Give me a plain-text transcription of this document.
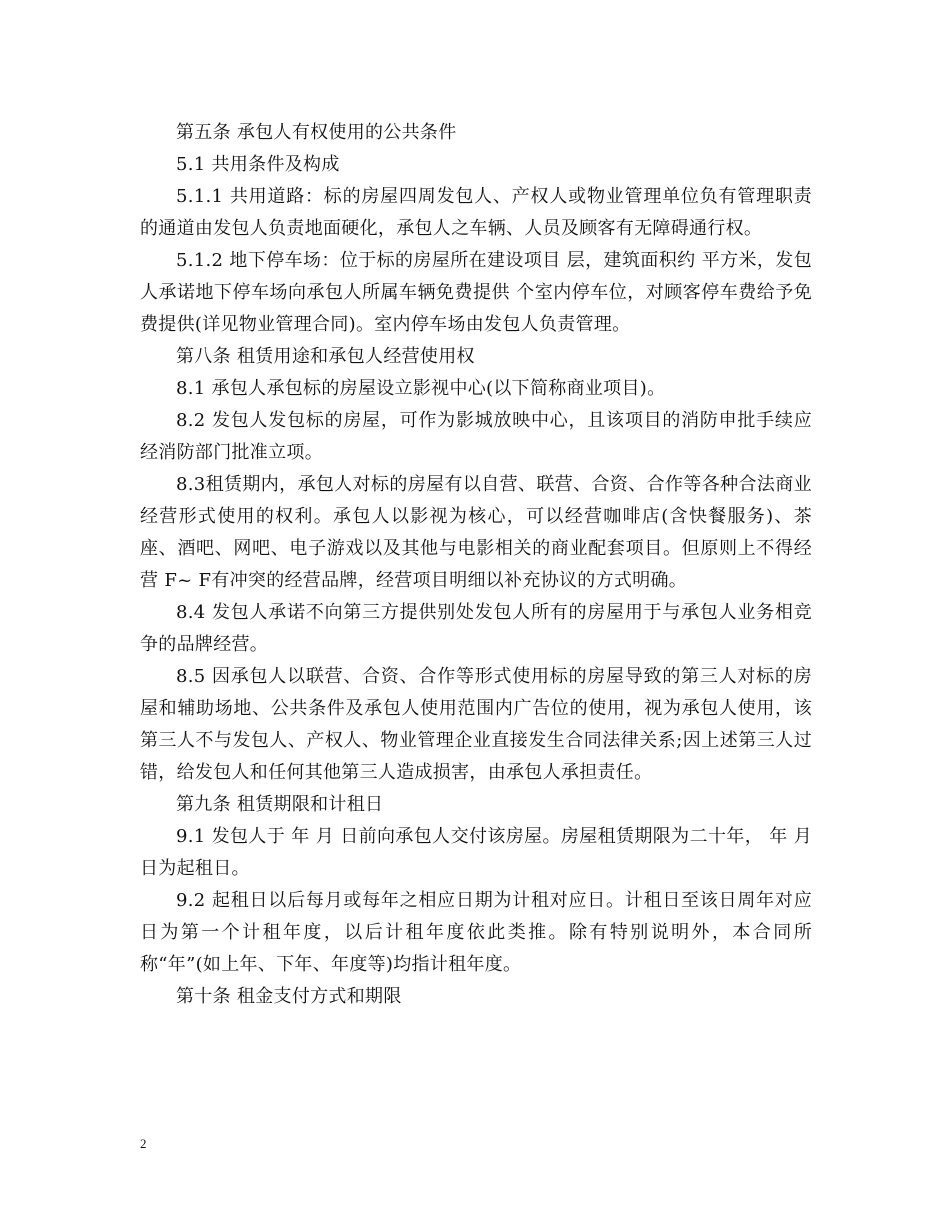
第五条 承包人有权使用的公共条件

5.1 共用条件及构成

5.1.1 共用道路：标的房屋四周发包人、产权人或物业管理单位负有管理职责的通道由发包人负责地面硬化，承包人之车辆、人员及顾客有无障碍通行权。

5.1.2 地下停车场：位于标的房屋所在建设项目 层，建筑面积约 平方米，发包人承诺地下停车场向承包人所属车辆免费提供 个室内停车位，对顾客停车费给予免费提供(详见物业管理合同)。室内停车场由发包人负责管理。

第八条 租赁用途和承包人经营使用权

8.1 承包人承包标的房屋设立影视中心(以下简称商业项目)。

8.2 发包人发包标的房屋，可作为影城放映中心，且该项目的消防申批手续应经消防部门批准立项。

8.3租赁期内，承包人对标的房屋有以自营、联营、合资、合作等各种合法商业经营形式使用的权利。承包人以影视为核心，可以经营咖啡店(含快餐服务)、茶座、酒吧、网吧、电子游戏以及其他与电影相关的商业配套项目。但原则上不得经营 F~ F有冲突的经营品牌，经营项目明细以补充协议的方式明确。

8.4 发包人承诺不向第三方提供别处发包人所有的房屋用于与承包人业务相竞争的品牌经营。

8.5 因承包人以联营、合资、合作等形式使用标的房屋导致的第三人对标的房屋和辅助场地、公共条件及承包人使用范围内广告位的使用，视为承包人使用，该第三人不与发包人、产权人、物业管理企业直接发生合同法律关系;因上述第三人过错，给发包人和任何其他第三人造成损害，由承包人承担责任。

第九条 租赁期限和计租日

9.1 发包人于 年 月 日前向承包人交付该房屋。房屋租赁期限为二十年， 年 月 日为起租日。

9.2 起租日以后每月或每年之相应日期为计租对应日。计租日至该日周年对应日为第一个计租年度，以后计租年度依此类推。除有特别说明外，本合同所称“年”(如上年、下年、年度等)均指计租年度。

第十条 租金支付方式和期限

2
